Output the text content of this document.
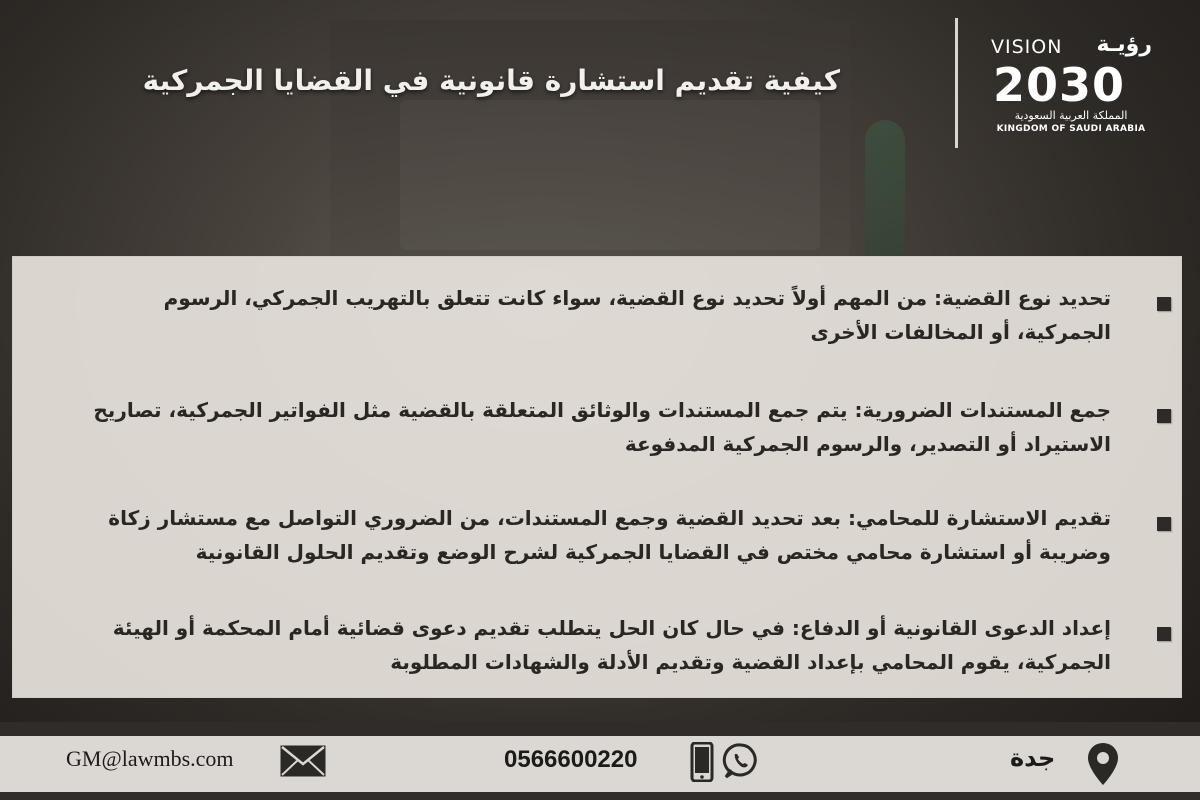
كيفية تقديم استشارة قانونية في القضايا الجمركية
VISION رؤيـة
2030
المملكة العربية السعودية
KINGDOM OF SAUDI ARABIA
تحديد نوع القضية: من المهم أولاً تحديد نوع القضية، سواء كانت تتعلق بالتهريب الجمركي، الرسوم الجمركية، أو المخالفات الأخرى
جمع المستندات الضرورية: يتم جمع المستندات والوثائق المتعلقة بالقضية مثل الفواتير الجمركية، تصاريح الاستيراد أو التصدير، والرسوم الجمركية المدفوعة
تقديم الاستشارة للمحامي: بعد تحديد القضية وجمع المستندات، من الضروري التواصل مع مستشار زكاة وضريبة أو استشارة محامي مختص في القضايا الجمركية لشرح الوضع وتقديم الحلول القانونية
إعداد الدعوى القانونية أو الدفاع: في حال كان الحل يتطلب تقديم دعوى قضائية أمام المحكمة أو الهيئة الجمركية، يقوم المحامي بإعداد القضية وتقديم الأدلة والشهادات المطلوبة
GM@lawmbs.com	0566600220	جدة
